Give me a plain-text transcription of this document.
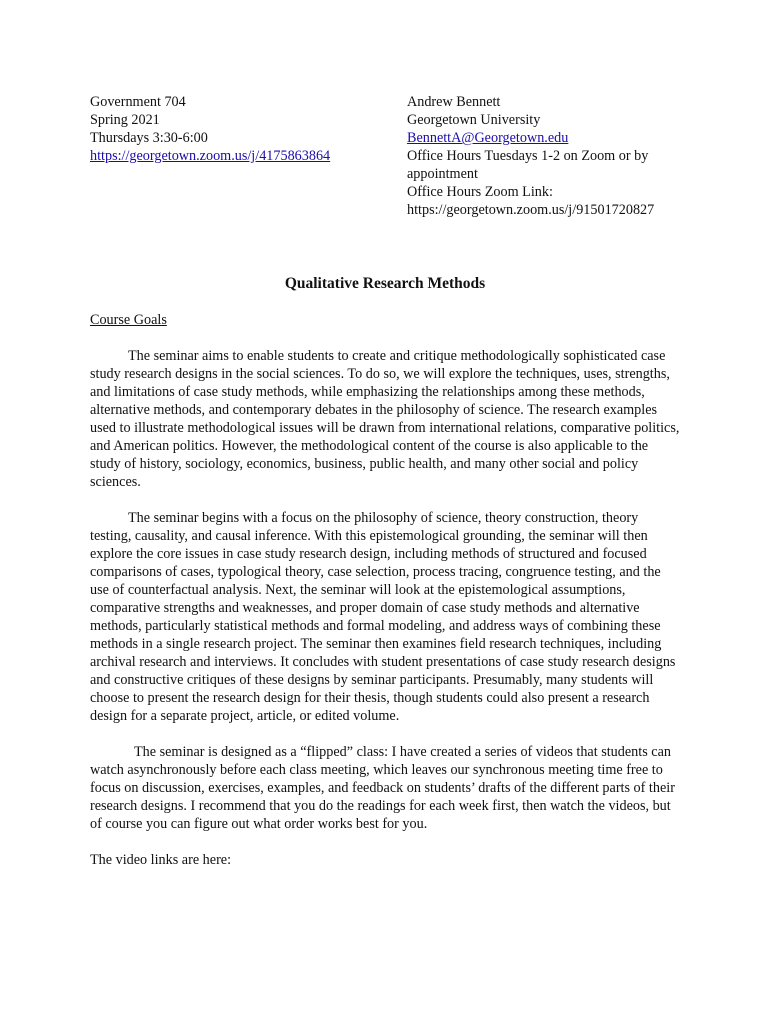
Government 704
Spring 2021
Thursdays 3:30-6:00
https://georgetown.zoom.us/j/4175863864
Andrew Bennett
Georgetown University
BennettA@Georgetown.edu
Office Hours Tuesdays 1-2 on Zoom or by
appointment
Office Hours Zoom Link:
https://georgetown.zoom.us/j/91501720827
Qualitative Research Methods
Course Goals

The seminar aims to enable students to create and critique methodologically sophisticated case study research designs in the social sciences. To do so, we will explore the techniques, uses, strengths, and limitations of case study methods, while emphasizing the relationships among these methods, alternative methods, and contemporary debates in the philosophy of science. The research examples used to illustrate methodological issues will be drawn from international relations, comparative politics, and American politics. However, the methodological content of the course is also applicable to the study of history, sociology, economics, business, public health, and many other social and policy sciences.

The seminar begins with a focus on the philosophy of science, theory construction, theory testing, causality, and causal inference. With this epistemological grounding, the seminar will then explore the core issues in case study research design, including methods of structured and focused comparisons of cases, typological theory, case selection, process tracing, congruence testing, and the use of counterfactual analysis. Next, the seminar will look at the epistemological assumptions, comparative strengths and weaknesses, and proper domain of case study methods and alternative methods, particularly statistical methods and formal modeling, and address ways of combining these methods in a single research project. The seminar then examines field research techniques, including archival research and interviews. It concludes with student presentations of case study research designs and constructive critiques of these designs by seminar participants. Presumably, many students will choose to present the research design for their thesis, though students could also present a research design for a separate project, article, or edited volume.

The seminar is designed as a “flipped” class: I have created a series of videos that students can watch asynchronously before each class meeting, which leaves our synchronous meeting time free to focus on discussion, exercises, examples, and feedback on students’ drafts of the different parts of their research designs. I recommend that you do the readings for each week first, then watch the videos, but of course you can figure out what order works best for you.

The video links are here:
